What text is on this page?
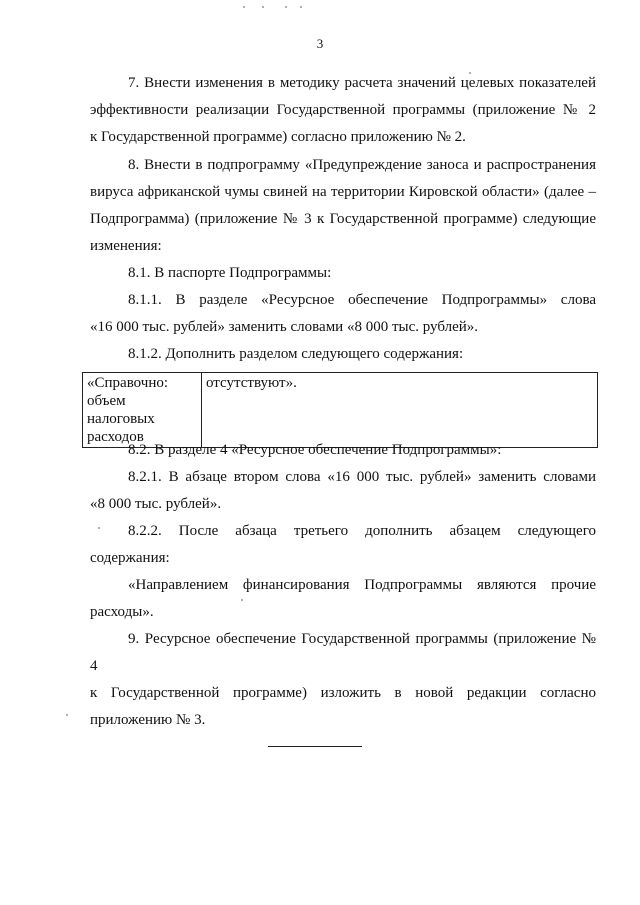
3
7. Внести изменения в методику расчета значений целевых показателей
эффективности реализации Государственной программы (приложение № 2
к Государственной программе) согласно приложению № 2.
8. Внести в подпрограмму «Предупреждение заноса и распространения
вируса африканской чумы свиней на территории Кировской области» (далее –
Подпрограмма) (приложение № 3 к Государственной программе) следующие
изменения:
8.1. В паспорте Подпрограммы:
8.1.1. В разделе «Ресурсное обеспечение Подпрограммы» слова
«16 000 тыс. рублей» заменить словами «8 000 тыс. рублей».
8.1.2. Дополнить разделом следующего содержания:
«Справочно:
объем налоговых
расходов
	отсутствуют».
8.2. В разделе 4 «Ресурсное обеспечение Подпрограммы»:
8.2.1. В абзаце втором слова «16 000 тыс. рублей» заменить словами
«8 000 тыс. рублей».
8.2.2. После абзаца третьего дополнить абзацем следующего
содержания:
«Направлением финансирования Подпрограммы являются прочие
расходы».
9. Ресурсное обеспечение Государственной программы (приложение № 4
к Государственной программе) изложить в новой редакции согласно
приложению № 3.
